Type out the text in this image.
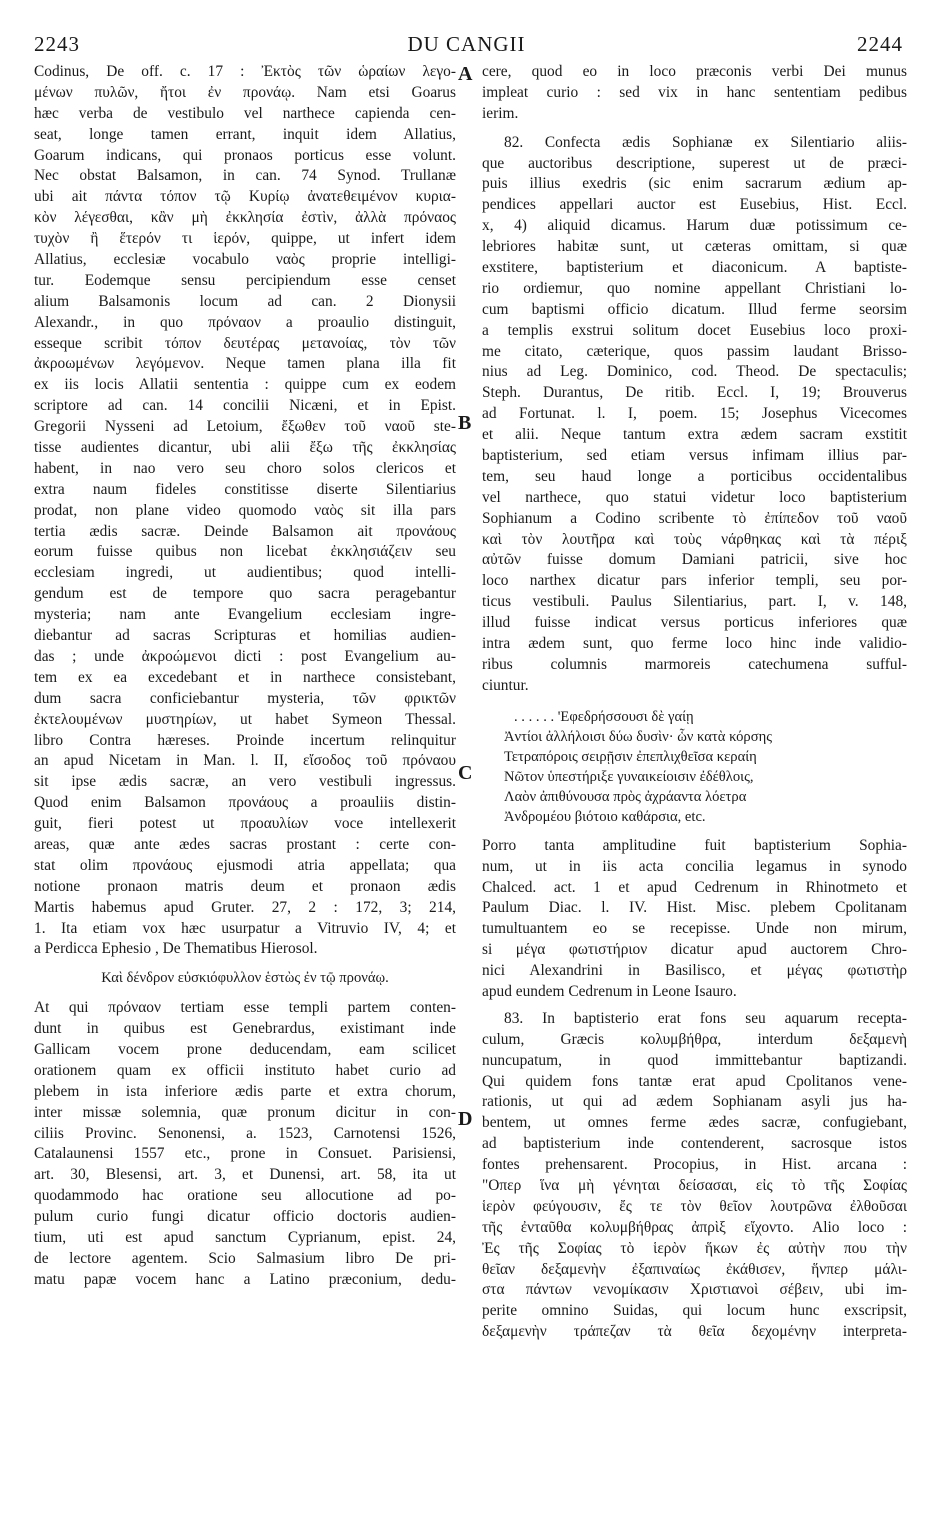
2243	DU CANGII	2244
A
B
C
D
Codinus, De off. c. 17 : Ἐκτὸς τῶν ὡραίων λεγο-
μένων πυλῶν, ἤτοι ἐν προνάῳ. Nam etsi Goarus
hæc verba de vestibulo vel narthece capienda cen-
seat, longe tamen errant, inquit idem Allatius,
Goarum indicans, qui pronaos porticus esse volunt.
Nec obstat Balsamon, in can. 74 Synod. Trullanæ
ubi ait πάντα τόπον τῷ Κυρίῳ ἀνατεθειμένον κυρια-
κὸν λέγεσθαι, κἂν μὴ ἐκκλησία ἐστὶν, ἀλλὰ πρόναος
τυχὸν ἢ ἕτερόν τι ἱερόν, quippe, ut infert idem
Allatius, ecclesiæ vocabulo ναὸς proprie intelligi-
tur. Eodemque sensu percipiendum esse censet
alium Balsamonis locum ad can. 2 Dionysii
Alexandr., in quo πρόναον a proaulio distinguit,
esseque scribit τόπον δευτέρας μετανοίας, τὸν τῶν
ἀκροωμένων λεγόμενον. Neque tamen plana illa fit
ex iis locis Allatii sententia : quippe cum ex eodem
scriptore ad can. 14 concilii Nicæni, et in Epist.
Gregorii Nysseni ad Letoium, ἔξωθεν τοῦ ναοῦ ste-
tisse audientes dicantur, ubi alii ἔξω τῆς ἐκκλησίας
habent, in nao vero seu choro solos clericos et
extra naum fideles constitisse diserte Silentiarius
prodat, non plane video quomodo ναὸς sit illa pars
tertia ædis sacræ. Deinde Balsamon ait προνάους
eorum fuisse quibus non licebat ἐκκλησιάζειν seu
ecclesiam ingredi, ut audientibus; quod intelli-
gendum est de tempore quo sacra peragebantur
mysteria; nam ante Evangelium ecclesiam ingre-
diebantur ad sacras Scripturas et homilias audien-
das ; unde ἀκροώμενοι dicti : post Evangelium au-
tem ex ea excedebant et in narthece consistebant,
dum sacra conficiebantur mysteria, τῶν φρικτῶν
ἐκτελουμένων μυστηρίων, ut habet Symeon Thessal.
libro Contra hæreses. Proinde incertum relinquitur
an apud Nicetam in Man. l. II, εἴσοδος τοῦ πρόναου
sit ipse ædis sacræ, an vero vestibuli ingressus.
Quod enim Balsamon προνάους a proauliis distin-
guit, fieri potest ut προαυλίων voce intellexerit
areas, quæ ante ædes sacras prostant : certe con-
stat olim προνάους ejusmodi atria appellata; qua
notione pronaon matris deum et pronaon ædis
Martis habemus apud Gruter. 27, 2 : 172, 3; 214,
1. Ita etiam vox hæc usurpatur a Vitruvio IV, 4; et
a Perdicca Ephesio , De Thematibus Hierosol.
Καὶ δένδρον εὐσκιόφυλλον ἑστὼς ἐν τῷ προνάῳ.
At qui πρόναον tertiam esse templi partem conten-
dunt in quibus est Genebrardus, existimant inde
Gallicam vocem prone deducendam, eam scilicet
orationem quam ex officii instituto habet curio ad
plebem in ista inferiore ædis parte et extra chorum,
inter missæ solemnia, quæ pronum dicitur in con-
ciliis Provinc. Senonensi, a. 1523, Carnotensi 1526,
Catalaunensi 1557 etc., prone in Consuet. Parisiensi,
art. 30, Blesensi, art. 3, et Dunensi, art. 58, ita ut
quodammodo hac oratione seu allocutione ad po-
pulum curio fungi dicatur officio doctoris audien-
tium, uti est apud sanctum Cyprianum, epist. 24,
de lectore agentem. Scio Salmasium libro De pri-
matu papæ vocem hanc a Latino præconium, dedu-
cere, quod eo in loco præconis verbi Dei munus
impleat curio : sed vix in hanc sententiam pedibus
ierim.
82. Confecta ædis Sophianæ ex Silentiario aliis-
que auctoribus descriptione, superest ut de præci-
puis illius exedris (sic enim sacrarum ædium ap-
pendices appellari auctor est Eusebius, Hist. Eccl.
x, 4) aliquid dicamus. Harum duæ potissimum ce-
lebriores habitæ sunt, ut cæteras omittam, si quæ
exstitere, baptisterium et diaconicum. A baptiste-
rio ordiemur, quo nomine appellant Christiani lo-
cum baptismi officio dicatum. Illud ferme seorsim
a templis exstrui solitum docet Eusebius loco proxi-
me citato, cæterique, quos passim laudant Brisso-
nius ad Leg. Dominico, cod. Theod. De spectaculis;
Steph. Durantus, De ritib. Eccl. I, 19; Brouverus
ad Fortunat. l. I, poem. 15; Josephus Vicecomes
et alii. Neque tantum extra ædem sacram exstitit
baptisterium, sed etiam versus infimam illius par-
tem, seu haud longe a porticibus occidentalibus
vel narthece, quo statui videtur loco baptisterium
Sophianum a Codino scribente τὸ ἐπίπεδον τοῦ ναοῦ
καὶ τὸν λουτῆρα καὶ τοὺς νάρθηκας καὶ τὰ πέριξ
αὐτῶν fuisse domum Damiani patricii, sive hoc
loco narthex dicatur pars inferior templi, seu por-
ticus vestibuli. Paulus Silentiarius, part. I, v. 148,
illud fuisse indicat versus porticus inferiores quæ
intra ædem sunt, quo ferme loco hinc inde validio-
ribus columnis marmoreis catechumena sufful-
ciuntur.
. . . . . . 'Εφεδρήσσουσι δὲ γαίῃ
Ἀντίοι ἀλλήλοισι δύω δυσὶν· ὧν κατὰ κόρσης
Τετραπόροις σειρῇσιν ἐπεπλιχθεῖσα κεραίη
Νῶτον ὑπεστήριξε γυναικείοισιν ἐδέθλοις,
Λαὸν ἀπιθύνουσα πρὸς ἀχράαντα λόετρα
Ἀνδρομέου βιότοιο καθάρσια, etc.
Porro tanta amplitudine fuit baptisterium Sophia-
num, ut in iis acta concilia legamus in synodo
Chalced. act. 1 et apud Cedrenum in Rhinotmeto et
Paulum Diac. l. IV. Hist. Misc. plebem Cpolitanam
tumultuantem eo se recepisse. Unde non mirum,
si μέγα φωτιστήριον dicatur apud auctorem Chro-
nici Alexandrini in Basilisco, et μέγας φωτιστὴρ
apud eundem Cedrenum in Leone Isauro.
83. In baptisterio erat fons seu aquarum recepta-
culum, Græcis κολυμβήθρα, interdum δεξαμενὴ
nuncupatum, in quod immittebantur baptizandi.
Qui quidem fons tantæ erat apud Cpolitanos vene-
rationis, ut qui ad ædem Sophianam asyli jus ha-
bentem, ut omnes ferme ædes sacræ, confugiebant,
ad baptisterium inde contenderent, sacrosque istos
fontes prehensarent. Procopius, in Hist. arcana :
"Οπερ ἵνα μὴ γένηται δείσασαι, εἰς τὸ τῆς Σοφίας
ἱερὸν φεύγουσιν, ἔς τε τὸν θεῖον λουτρῶνα ἐλθοῦσαι
τῆς ἐνταῦθα κολυμβήθρας ἀπρὶξ εἴχοντο. Alio loco :
Ἐς τῆς Σοφίας τὸ ἱερὸν ἥκων ἐς αὐτὴν που τὴν
θεῖαν δεξαμενὴν ἐξαπιναίως ἐκάθισεν, ἥνπερ μάλι-
στα πάντων νενομίκασιν Χριστιανοὶ σέβειν, ubi im-
perite omnino Suidas, qui locum hunc exscripsit,
δεξαμενὴν τράπεζαν τὰ θεῖα δεχομένην interpreta-
